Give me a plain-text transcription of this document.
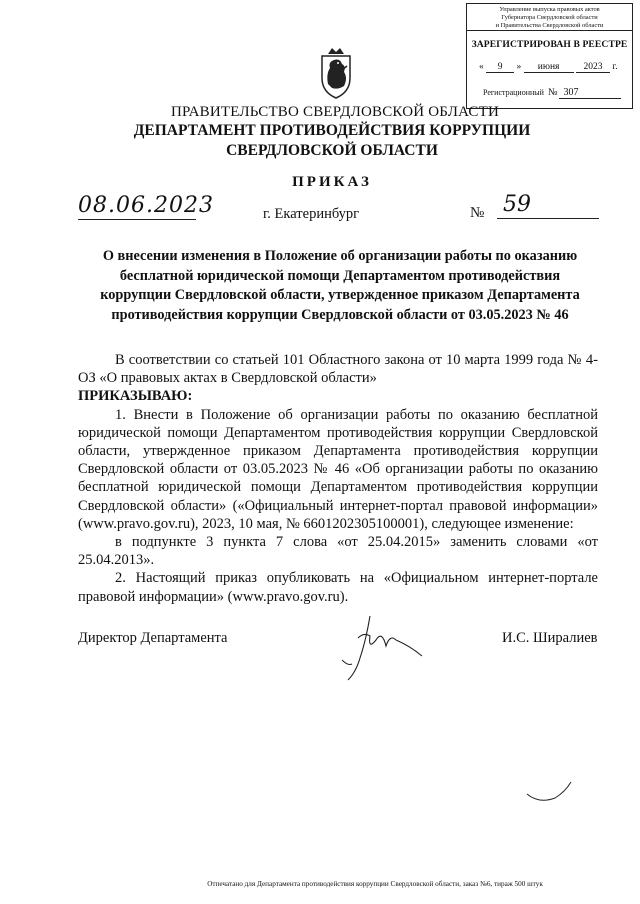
Управление выпуска правовых актов
Губернатора Свердловской области
и Правительства Свердловской области
ЗАРЕГИСТРИРОВАН В РЕЕСТРЕ
« 9 » июня	2023 г.
Регистрационный № 307
ПРАВИТЕЛЬСТВО СВЕРДЛОВСКОЙ ОБЛАСТИ
ДЕПАРТАМЕНТ ПРОТИВОДЕЙСТВИЯ КОРРУПЦИИ
СВЕРДЛОВСКОЙ ОБЛАСТИ
ПРИКАЗ
08.06.2023	г. Екатеринбург	№ 59
О внесении изменения в Положение об организации работы по оказанию бесплатной юридической помощи Департаментом противодействия коррупции Свердловской области, утвержденное приказом Департамента противодействия коррупции Свердловской области от 03.05.2023 № 46

В соответствии со статьей 101 Областного закона от 10 марта 1999 года № 4-ОЗ «О правовых актах в Свердловской области»

ПРИКАЗЫВАЮ:

1. Внести в Положение об организации работы по оказанию бесплатной юридической помощи Департаментом противодействия коррупции Свердловской области, утвержденное приказом Департамента противодействия коррупции Свердловской области от 03.05.2023 № 46 «Об организации работы по оказанию бесплатной юридической помощи Департаментом противодействия коррупции Свердловской области» («Официальный интернет-портал правовой информации» (www.pravo.gov.ru), 2023, 10 мая, № 6601202305100001), следующее изменение:

в подпункте 3 пункта 7 слова «от 25.04.2015» заменить словами «от 25.04.2013».

2. Настоящий приказ опубликовать на «Официальном интернет-портале правовой информации» (www.pravo.gov.ru).

Директор Департамента	И.С. Ширалиев
Отпечатано для Департамента противодействия коррупции Свердловской области, заказ №6, тираж 500 штук
